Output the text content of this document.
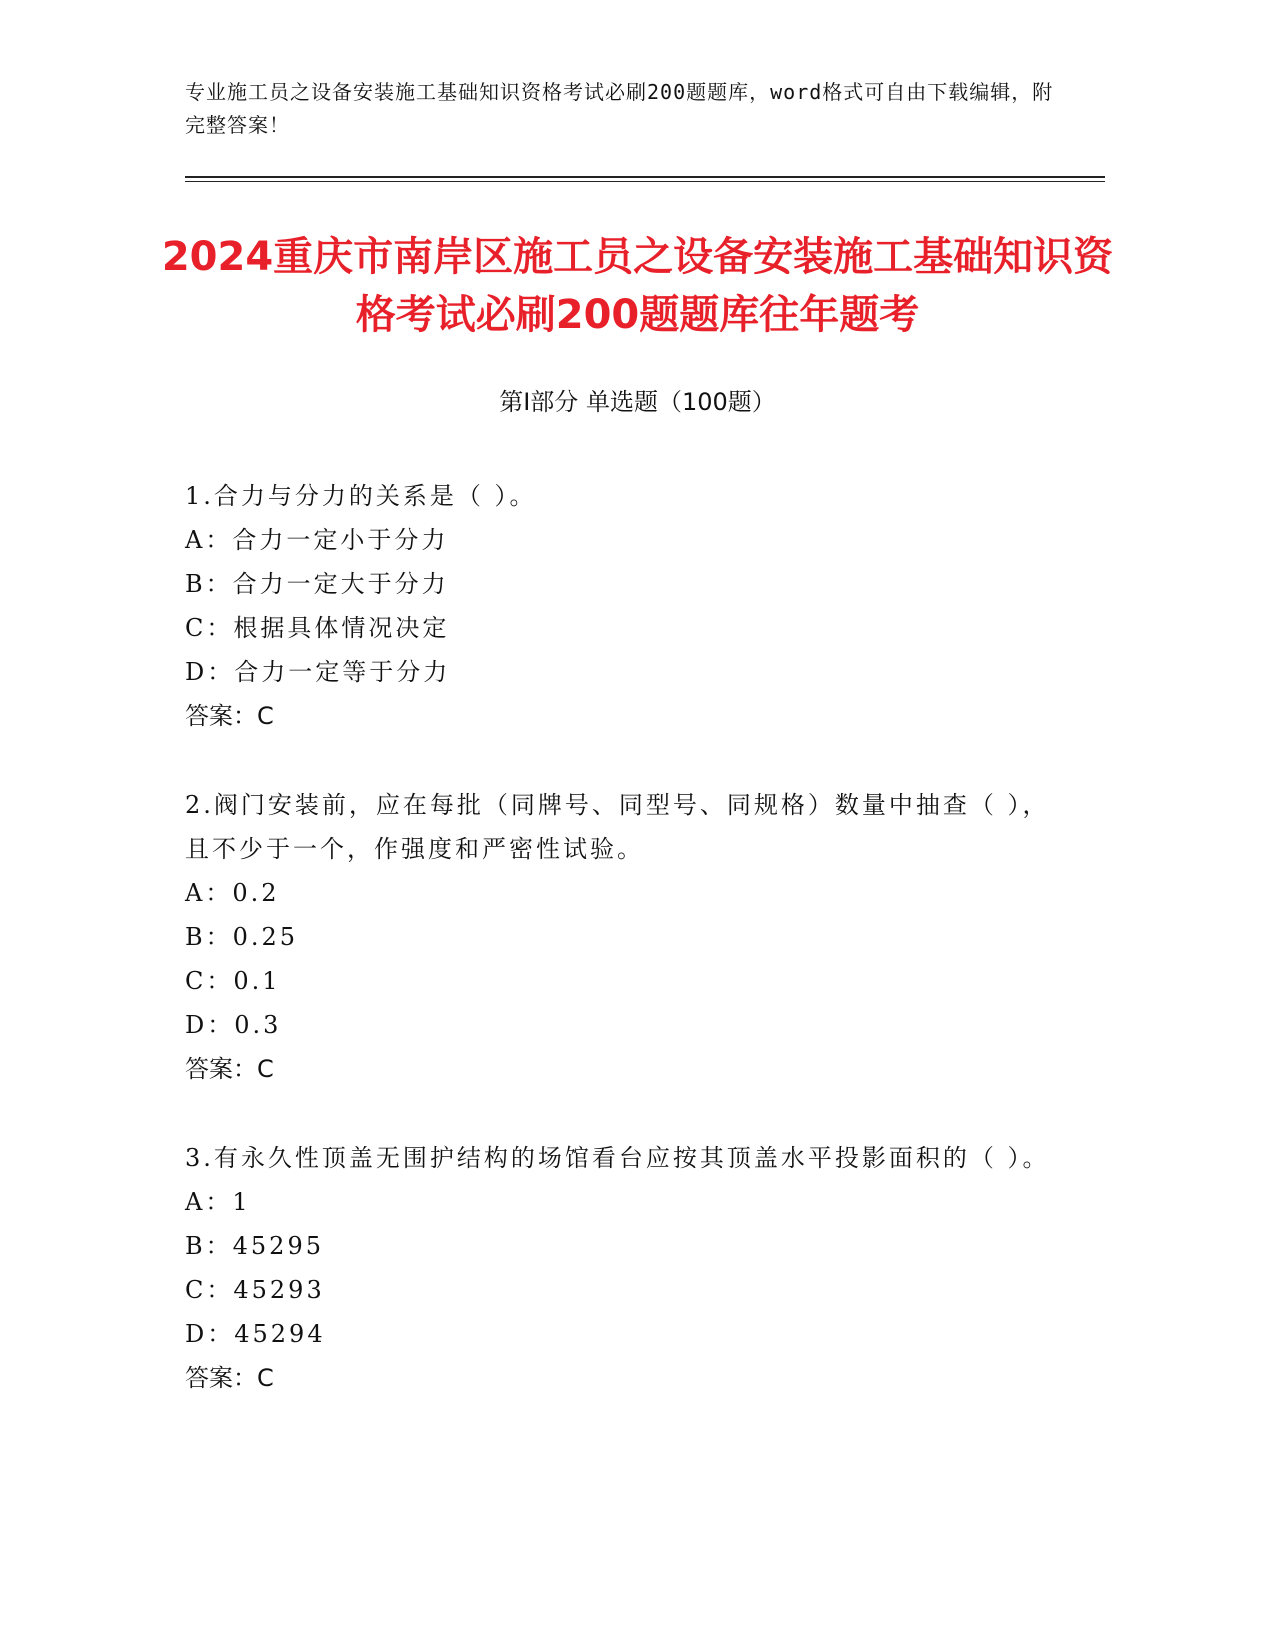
专业施工员之设备安装施工基础知识资格考试必刷200题题库，word格式可自由下载编辑，附完整答案！
2024重庆市南岸区施工员之设备安装施工基础知识资格考试必刷200题题库往年题考
第Ⅰ部分 单选题（100题）
1.合力与分力的关系是（ ）。
A：合力一定小于分力
B：合力一定大于分力
C：根据具体情况决定
D：合力一定等于分力
答案：C
2.阀门安装前，应在每批（同牌号、同型号、同规格）数量中抽查（ ），且不少于一个，作强度和严密性试验。
A：0.2
B：0.25
C：0.1
D：0.3
答案：C
3.有永久性顶盖无围护结构的场馆看台应按其顶盖水平投影面积的（ ）。
A：1
B：45295
C：45293
D：45294
答案：C
